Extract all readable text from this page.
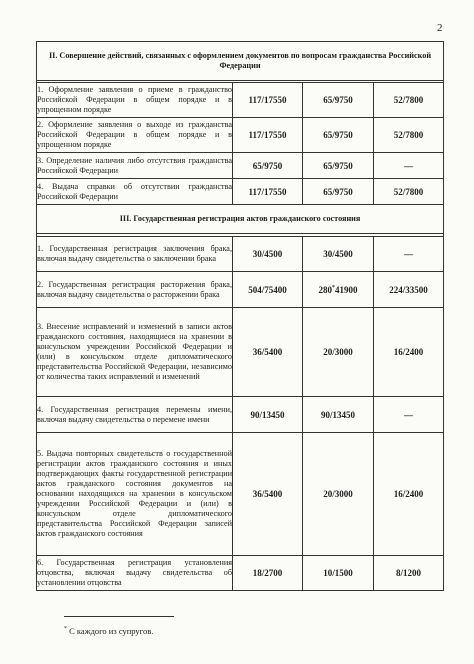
2
II. Совершение действий, связанных с оформлением документов по вопросам гражданства Российской Федерации			

1. Оформление заявления о приеме в гражданство Российской Федерации в общем порядке и в упрощенном порядке	117/17550	65/9750	52/7800
2. Оформление заявления о выходе из гражданства Российской Федерации в общем порядке и в упрощенном порядке	117/17550	65/9750	52/7800
3. Определение наличия либо отсутствия гражданства Российской Федерации	65/9750	65/9750	—
4. Выдача справки об отсутствии гражданства Российской Федерации	117/17550	65/9750	52/7800
III. Государственная регистрация актов гражданского состояния			

1. Государственная регистрация заключения брака, включая выдачу свидетельства о заключении брака	30/4500	30/4500	—
2. Государственная регистрация расторжения брака, включая выдачу свидетельства о расторжении брака	504/75400	280*41900	224/33500
3. Внесение исправлений и изменений в записи актов гражданского состояния, находящиеся на хранении в консульском учреждении Российской Федерации и (или) в консульском отделе дипломатического представительства Российской Федерации, независимо от количества таких исправлений и изменений	36/5400	20/3000	16/2400
4. Государственная регистрация перемены имени, включая выдачу свидетельства о перемене имени	90/13450	90/13450	—
5. Выдача повторных свидетельств о государственной регистрации актов гражданского состояния и иных подтверждающих факты государственной регистрации актов гражданского состояния документов на основании находящихся на хранении в консульском учреждении Российской Федерации и (или) в консульском отделе дипломатического представительства Российской Федерации записей актов гражданского состояния	36/5400	20/3000	16/2400
6. Государственная регистрация установления отцовства, включая выдачу свидетельства об установлении отцовства	18/2700	10/1500	8/1200
* С каждого из супругов.
